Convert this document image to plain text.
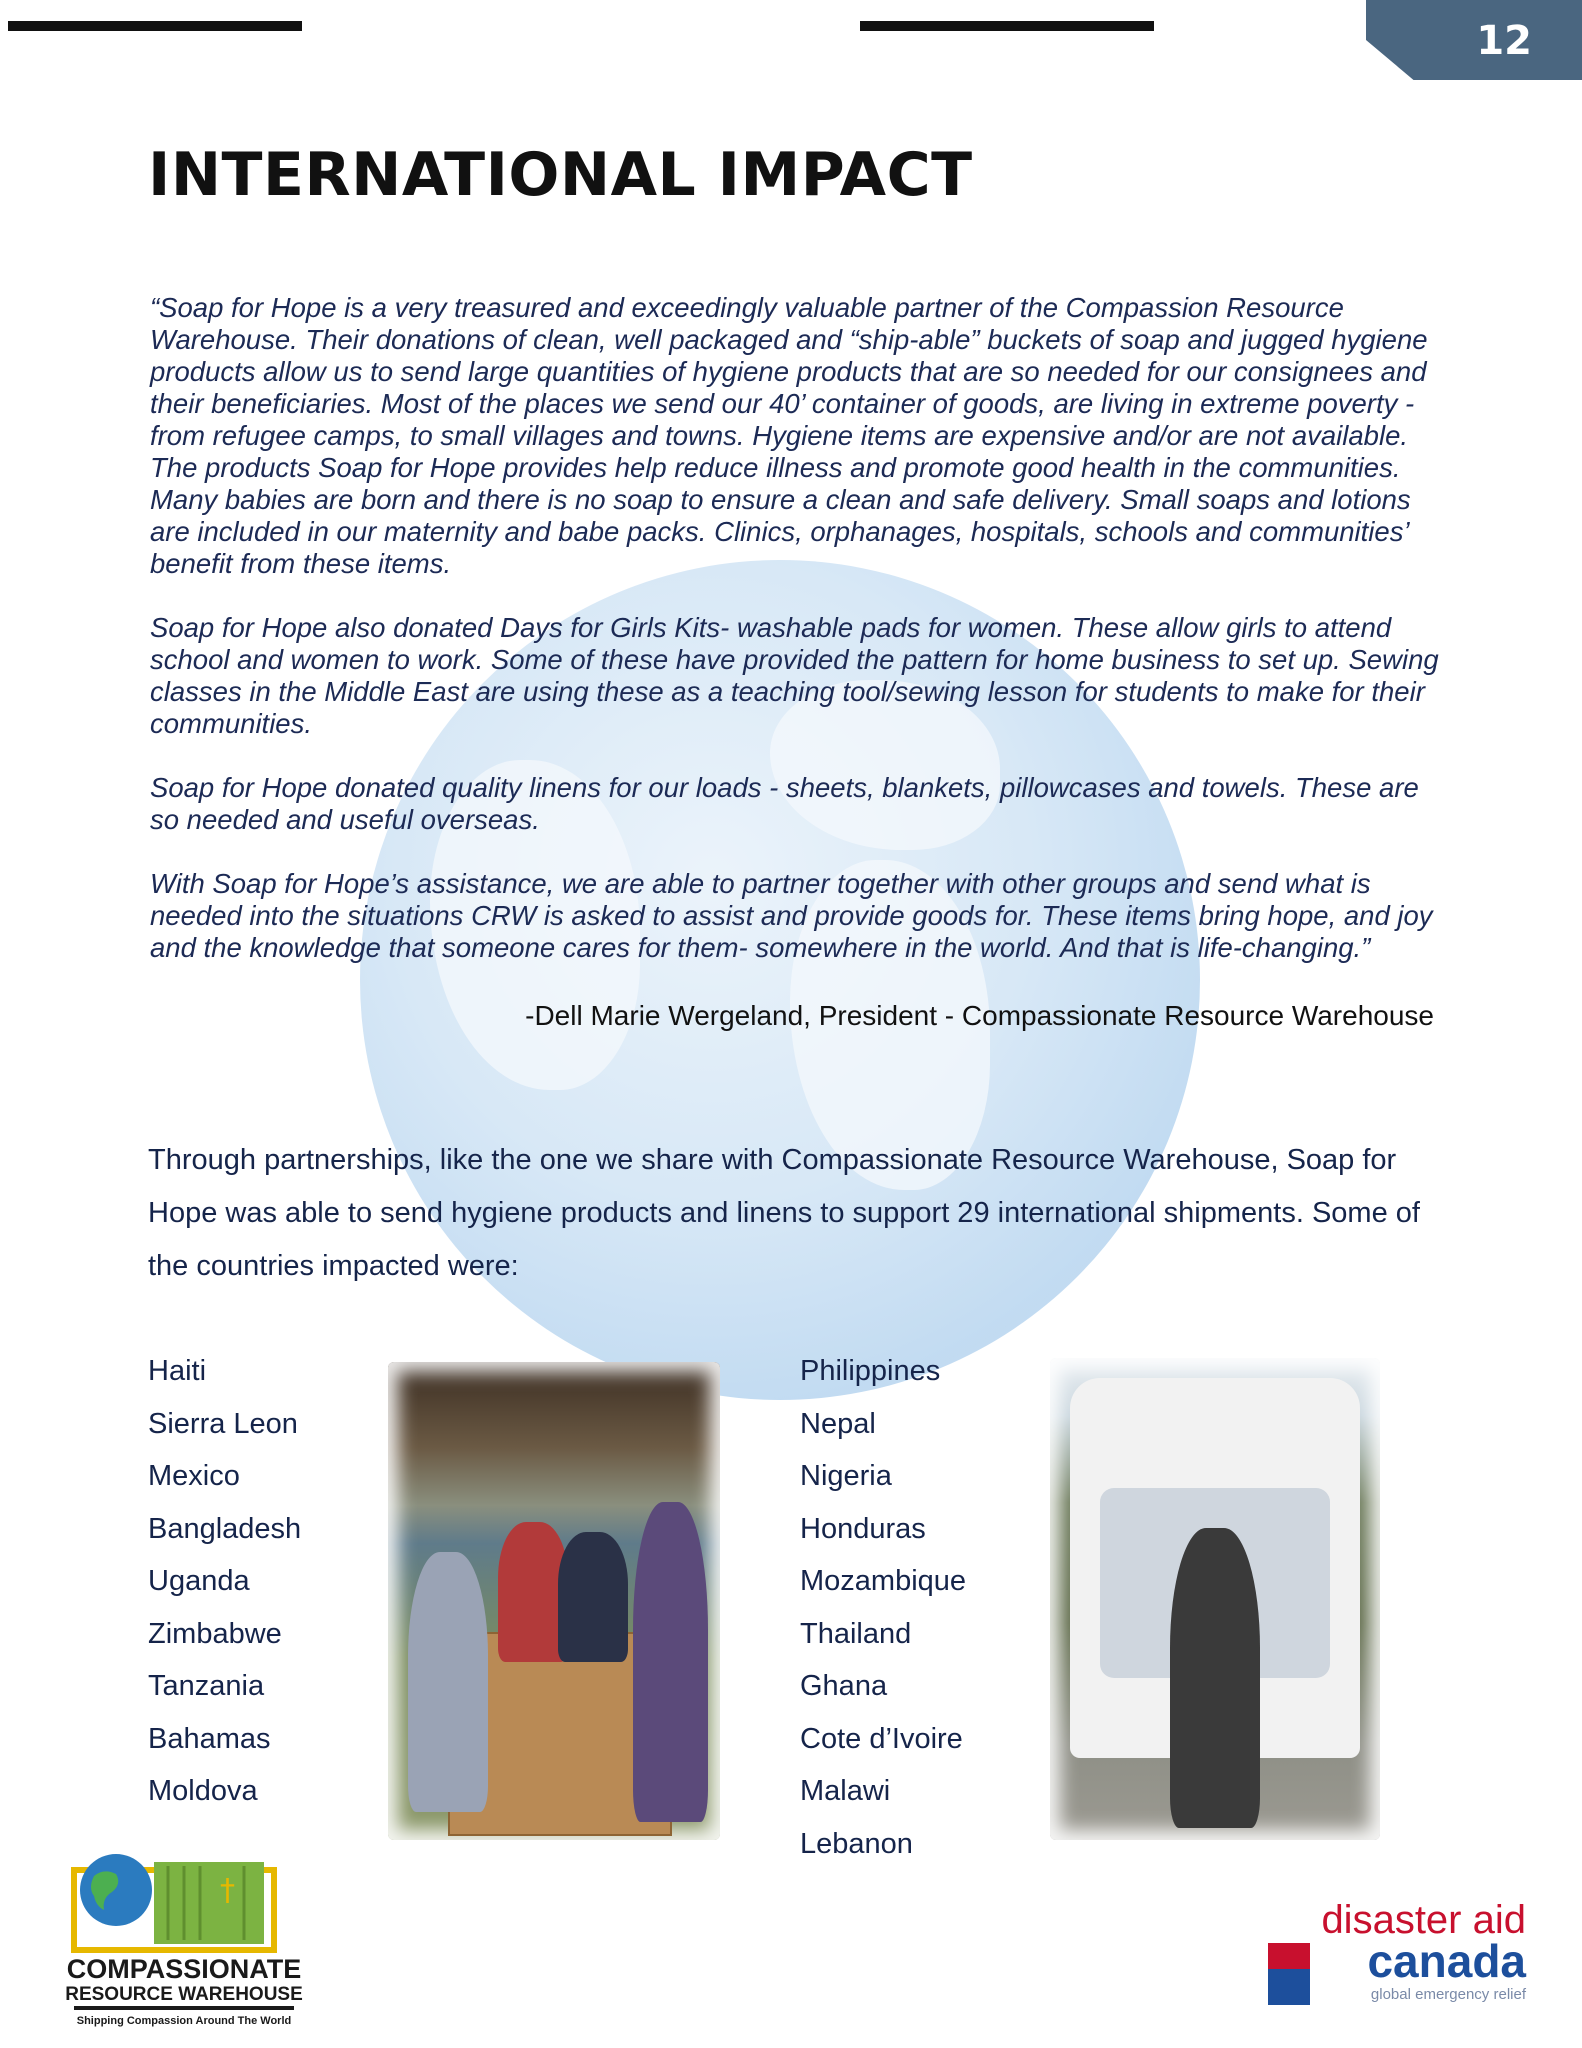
12
INTERNATIONAL IMPACT

“Soap for Hope is a very treasured and exceedingly valuable partner of the Compassion Resource Warehouse. Their donations of clean, well packaged and “ship-able” buckets of soap and jugged hygiene products allow us to send large quantities of hygiene products that are so needed for our consignees and their beneficiaries. Most of the places we send our 40’ container of goods, are living in extreme poverty - from refugee camps, to small villages and towns. Hygiene items are expensive and/or are not available. The products Soap for Hope provides help reduce illness and promote good health in the communities. Many babies are born and there is no soap to ensure a clean and safe delivery. Small soaps and lotions are included in our maternity and babe packs. Clinics, orphanages, hospitals, schools and communities’ benefit from these items.

Soap for Hope also donated Days for Girls Kits- washable pads for women. These allow girls to attend school and women to work. Some of these have provided the pattern for home business to set up. Sewing classes in the Middle East are using these as a teaching tool/sewing lesson for students to make for their communities.

Soap for Hope donated quality linens for our loads - sheets, blankets, pillowcases and towels. These are so needed and useful overseas.

With Soap for Hope’s assistance, we are able to partner together with other groups and send what is needed into the situations CRW is asked to assist and provide goods for. These items bring hope, and joy and the knowledge that someone cares for them- somewhere in the world. And that is life-changing.”

-Dell Marie Wergeland, President - Compassionate Resource Warehouse
Through partnerships, like the one we share with Compassionate Resource Warehouse, Soap for Hope was able to send hygiene products and linens to support 29 international shipments. Some of the countries impacted were:
Haiti
Sierra Leon
Mexico
Bangladesh
Uganda
Zimbabwe
Tanzania
Bahamas
Moldova
Philippines
Nepal
Nigeria
Honduras
Mozambique
Thailand
Ghana
Cote d’Ivoire
Malawi
Lebanon
†
COMPASSIONATE
RESOURCE WAREHOUSE
Shipping Compassion Around The World
disaster aid
canada
global emergency relief
